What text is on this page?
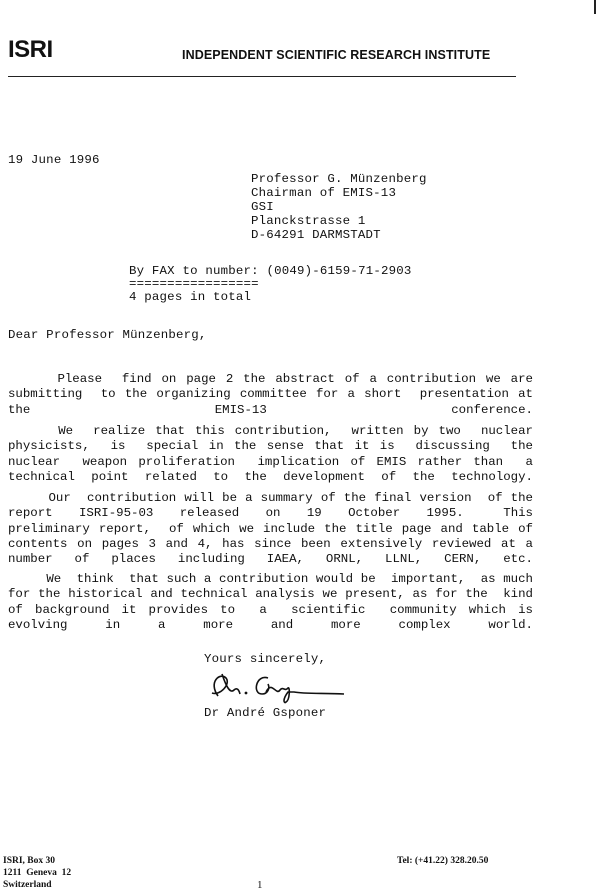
ISRI	INDEPENDENT SCIENTIFIC RESEARCH INSTITUTE
19 June 1996
Professor G. Münzenberg
Chairman of EMIS-13
GSI
Planckstrasse 1
D-64291 DARMSTADT
By FAX to number: (0049)-6159-71-2903
=================
4 pages in total
Dear Professor Münzenberg,

Please  find on page 2 the abstract of a contribution we are submitting  to the organizing committee for a short  presentation at the EMIS-13 conference.

We  realize that this contribution,  written by two  nuclear physicists,  is  special in the sense that it is  discussing  the nuclear  weapon proliferation  implication of EMIS rather than  a technical point related to the development of the technology.

Our  contribution will be a summary of the final version  of the   report  ISRI-95-03  released  on  19  October  1995.   This preliminary report,  of which we include the title page and table of contents on pages 3 and 4, has since been extensively reviewed at a number of places including IAEA, ORNL, LLNL, CERN, etc.

We  think  that such a contribution would be  important,  as much for the historical and technical analysis we present, as for the  kind  of background it provides to  a  scientific  community which is evolving in a more and more complex world.

Yours sincerely,
Dr André Gsponer
ISRI, Box 30
1211  Geneva  12
Switzerland
Tel: (+41.22) 328.20.50
1
